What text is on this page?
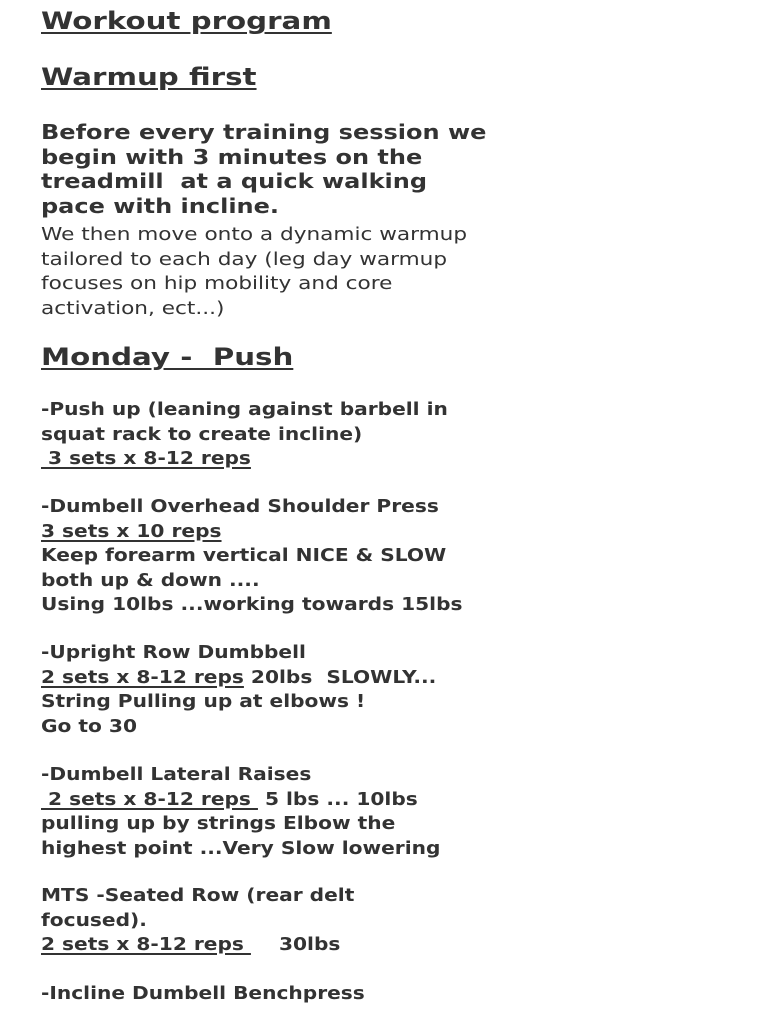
Workout program
Warmup first
Before every training session we
begin with 3 minutes on the
treadmill  at a quick walking
pace with incline.
We then move onto a dynamic warmup
tailored to each day (leg day warmup
focuses on hip mobility and core
activation, ect...)
Monday -  Push
-Push up (leaning against barbell in
squat rack to create incline)
3 sets x 8-12 reps
-Dumbell Overhead Shoulder Press
3 sets x 10 reps
Keep forearm vertical NICE & SLOW
both up & down ....
Using 10lbs ...working towards 15lbs
-Upright Row Dumbbell
2 sets x 8-12 reps 20lbs  SLOWLY...
String Pulling up at elbows !
Go to 30
-Dumbell Lateral Raises
2 sets x 8-12 reps  5 lbs ... 10lbs
pulling up by strings Elbow the
highest point ...Very Slow lowering
MTS -Seated Row (rear delt
focused).
2 sets x 8-12 reps     30lbs
-Incline Dumbell Benchpress
